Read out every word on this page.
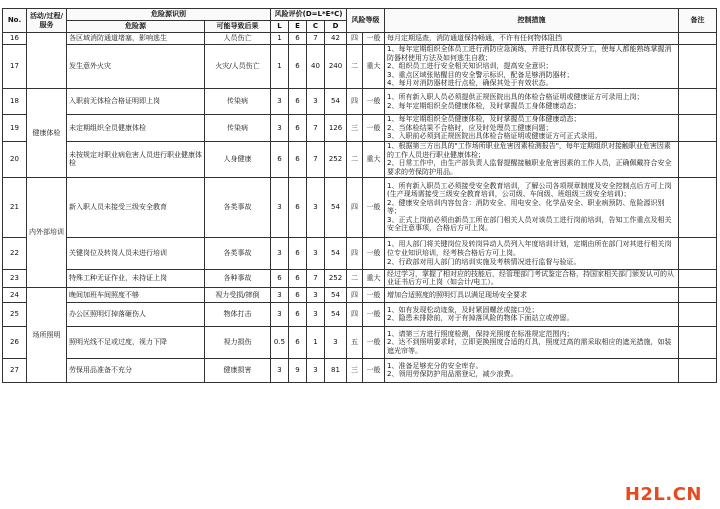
No.	活动/过程/服务	危险源识别		风险评价(D=L*E*C)				风险等级		控制措施	备注
		危险源	可能导致后果	L	E	C	D				
16		各区域消防通道堵塞，影响逃生	人员伤亡	1	6	7	42	四	一般	每月定期巡查，消防通道保持畅通，不许有任何物体阻挡	

17		发生意外火灾	火灾/人员伤亡	1	6	40	240	二	重大	1、每年定期组织全体员工进行消防应急演练，并进行具体权责分工，使每人都能熟练掌握消防器材使用方法及如何逃生自救；
2、组织员工进行安全相关知识培训，提高安全意识；
3、重点区域张贴醒目的安全警示标识，配备足够消防器材；
4、每月对消防器材进行点检，确保其处于有效状态。	

18	健康体检	入职前无体检合格证明即上岗	传染病	3	6	3	54	四	一般	1、所有新入职人员必须提供正规医院出具的体检合格证明或健康证方可录用上岗；
2、每年定期组织全员健康体检，及时掌握员工身体健康动态；	

19		未定期组织全员健康体检	传染病	3	6	7	126	三	一般	1、每年定期组织全员健康体检，及时掌握员工身体健康动态；
2、当体检结果不合格时，应及时处理员工健康问题；
3、入职前必须到正规医院出具体检合格证明或健康证方可正式录用。	

20		未按规定对职业病危害人员进行职业健康体检	人身健康	6	6	7	252	二	重大	1、根据第三方出具的"工作场所职业危害因素检测报告"，每年定期组织对接触职业危害因素的工作人员进行职业健康体检；
2、日常工作中，由生产部负责人监督提醒接触职业危害因素的工作人员，正确佩戴符合安全要求的劳保防护用品。	

21	内外部培训	新入职人员未接受三级安全教育	各类事故	3	6	3	54	四	一般	1、所有新入职员工必须接受安全教育培训，了解公司各项规章制度及安全控制点后方可上岗(生产现场需接受三级安全教育培训，公司级、车间级、班组级三级安全培训)；
2、健康安全培训内容包含：消防安全、用电安全、化学品安全、职业病预防、危险源识别等；
3、正式上岗前必须由新员工所在部门相关人员对该员工进行岗前培训，告知工作重点及相关安全注意事项，合格后方可上岗。	

22		关键岗位及转岗人员未进行培训	各类事故	3	6	3	54	四	一般	1、用人部门将关键岗位及转岗异动人员列入年度培训计划，定期由所在部门对其进行相关岗位专业知识培训，经考核合格后方可上岗。
2、行政部对用人部门的培训实施及考核情况进行监督与验证。	

23		特殊工种无证作业，未持证上岗	各种事故	6	6	7	252	二	重大	经过学习，掌握了相对应的技能后，经管理部门考试鉴定合格，持国家相关部门颁发认可的从业证书后方可上岗（如会计/电工）。	

24	场所照明	晚间加班车间照度不够	视力受损/摔倒	3	6	3	54	四	一般	增加合适照度的照明灯具以满足现场安全要求	

25		办公区照明灯掉落砸伤人	物体打击	3	6	3	54	四	一般	1、如有发现松动迹象，及时紧固螺丝或接口处；
2、隐患未排除前，对于有掉落风险的物体下面站立或停留。	

26		照明光线不足或过度，视力下降	视力损伤	0.5	6	1	3	五	一般	1、请第三方进行照度检测，保持光照度在标准规定范围内；
2、达不到照明要求时，立即更换照度合适的灯具，照度过高的需采取相应的遮光措施，如装遮光帘等。	

27		劳保用品准备不充分	健康损害	3	9	3	81	三	一般	1、准备足够充分的安全库存。
2、领用劳保防护用品需登记，减少浪费。	

H2L.CN
